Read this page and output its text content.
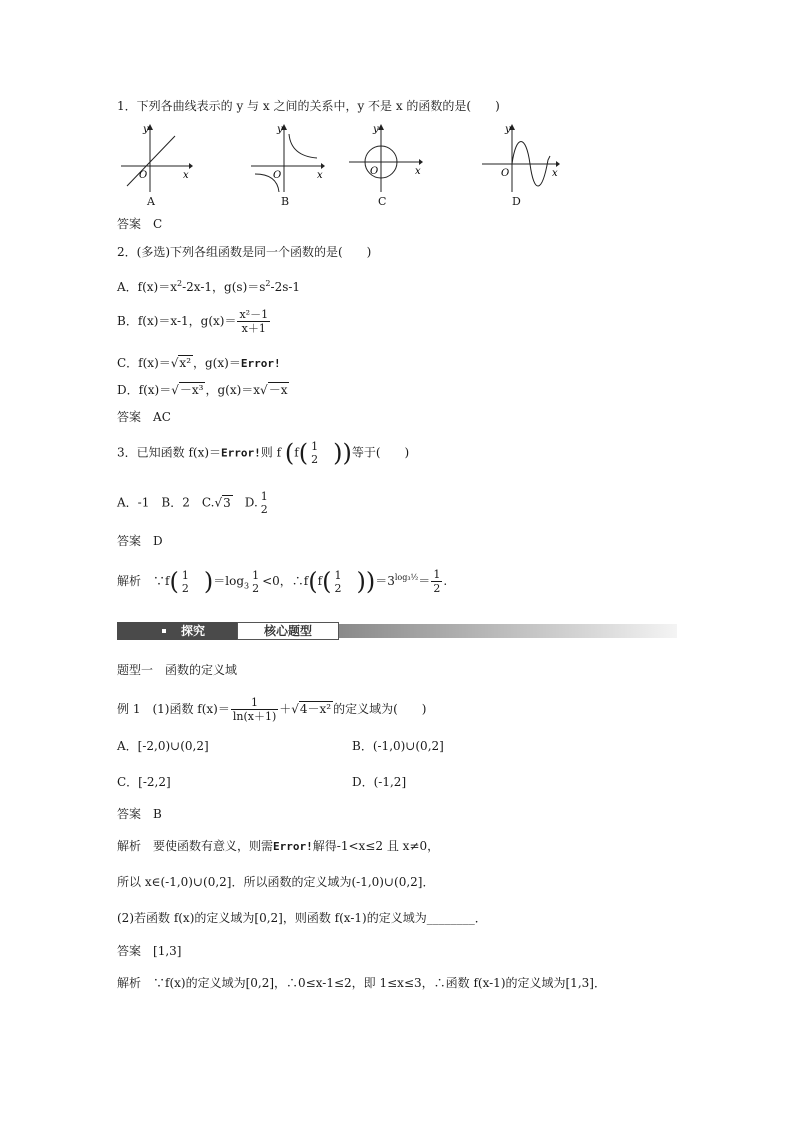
1．下列各曲线表示的 y 与 x 之间的关系中，y 不是 x 的函数的是(　　)
y
x
O
y
x
O
y
x
O
y
x
O
A	B	C	D
答案　 C
2．(多选)下列各组函数是同一个函数的是(　　)
A．$f(x)=x^2-2x-1$，$g(s)=s^2-2s-1$
B．f(x)＝x-1，$g(x)= \frac{\text{x²－1}}{x+1}$
C．f(x)＝√x² ，g(x)＝Error!
D．f(x)＝√－x³ ，g(x)＝x√－x
答案　 AC
3．已知函数 f(x)＝Error!则 f (f( 1
2
　 ))等于(　　)
A．-1　 B．2　 C.√3　 D. 1
2
答案　 D
解析　 ∵f( 1
2
　 )$=\log_3$
1
2 <0，∴f(f( 1
2
　 ))$=3^{log_3\frac{1}{2}}= \frac{1}{2}$ .
探究	核心题型
题型一　函数的定义域
例 1　(1)函数 $f(x)= \frac{1}{\ln(x+1)} +√4-x^2$ 的定义域为(　　)
A．[-2,0)∪(0,2]	B．(-1,0)∪(0,2]
C．[-2,2]	D．(-1,2]
答案　 B
解析　 要使函数有意义，则需Error!解得-1<x≤2 且 x≠0，
所以 x∈(-1,0)∪(0,2]．所以函数的定义域为(-1,0)∪(0,2]．
(2)若函数 f(x)的定义域为[0,2]，则函数 f(x-1)的定义域为________．
答案　 [1,3]
解析　 ∵f(x)的定义域为[0,2]，∴0≤x-1≤2，即 1≤x≤3，∴函数 f(x-1)的定义域为[1,3]．
